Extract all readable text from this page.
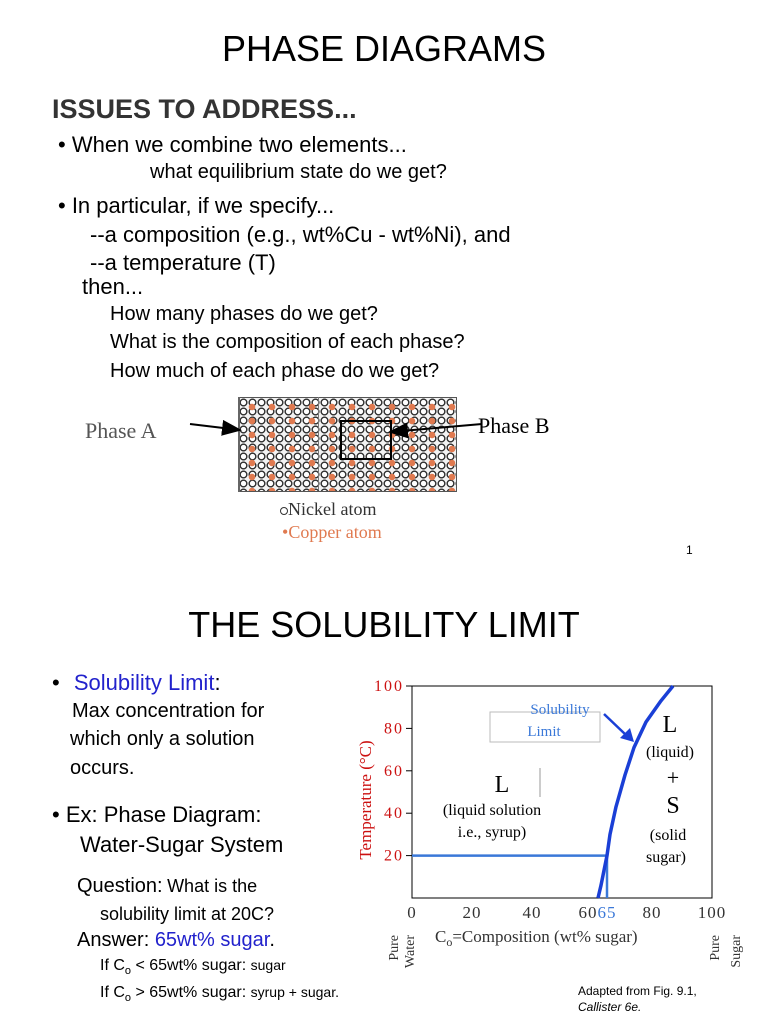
PHASE DIAGRAMS
ISSUES TO ADDRESS...
• When we combine two elements...
what equilibrium state do we get?
• In particular, if we specify...
--a composition (e.g., wt%Cu - wt%Ni), and
--a temperature (T)
then...
How many phases do we get?
What is the composition of each phase?
How much of each phase do we get?
Phase A	Phase B
Nickel atom
•Copper atom
1
THE SOLUBILITY LIMIT
• Solubility Limit:
Max concentration for
which only a solution
occurs.
• Ex: Phase Diagram:
Water-Sugar System
Question: What is the
solubility limit at 20C?
Answer: 65wt% sugar.
If $C_o < 65wt\%$ sugar: sugar
If $C_o > 65wt\%$ sugar: syrup + sugar.	Adapted from Fig. 9.1,
Callister 6e.
20
40
60
80
100
0	20 40 60 65 80 100
Temperature (°C)
$C_o=Composition$ (wt% sugar)
Pure Water	Pure Sugar
L
(liquid solution
i.e., syrup)
L
(liquid)
+
S
(solid
sugar)
Solubility
Limit
